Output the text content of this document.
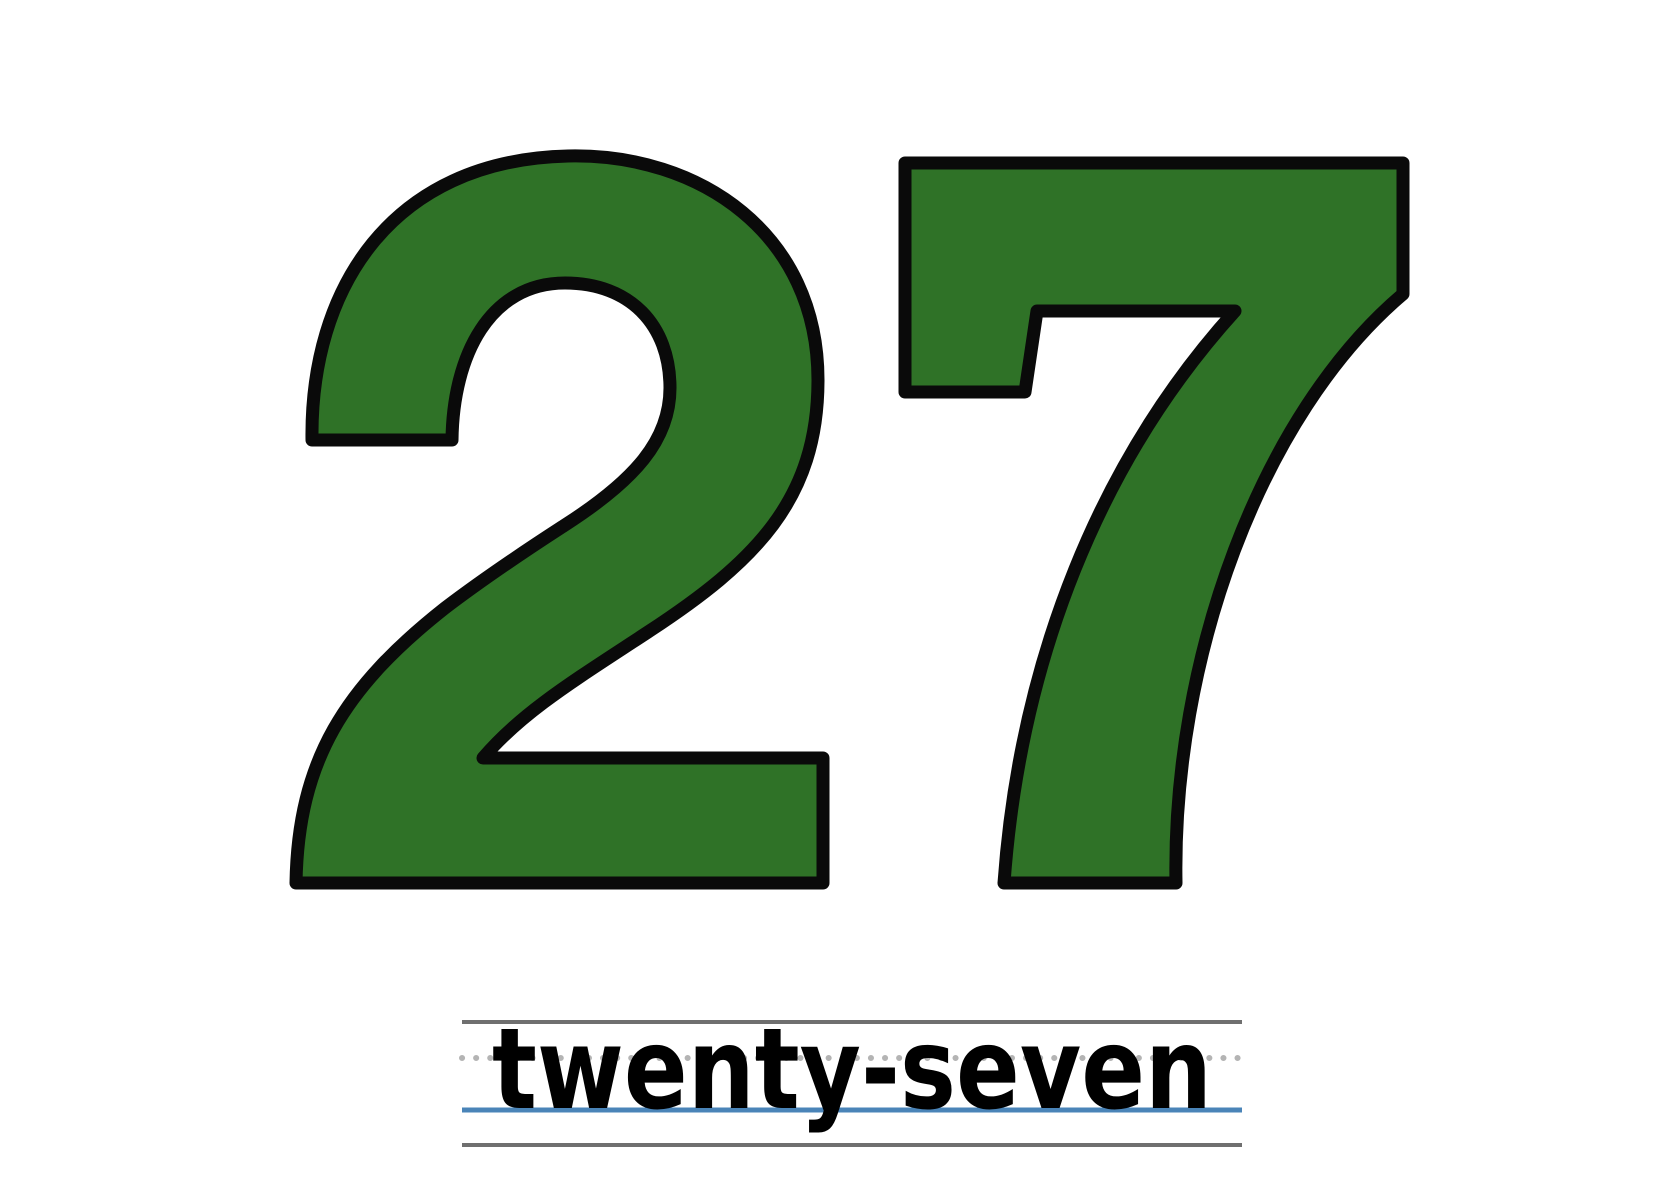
twenty-seven
